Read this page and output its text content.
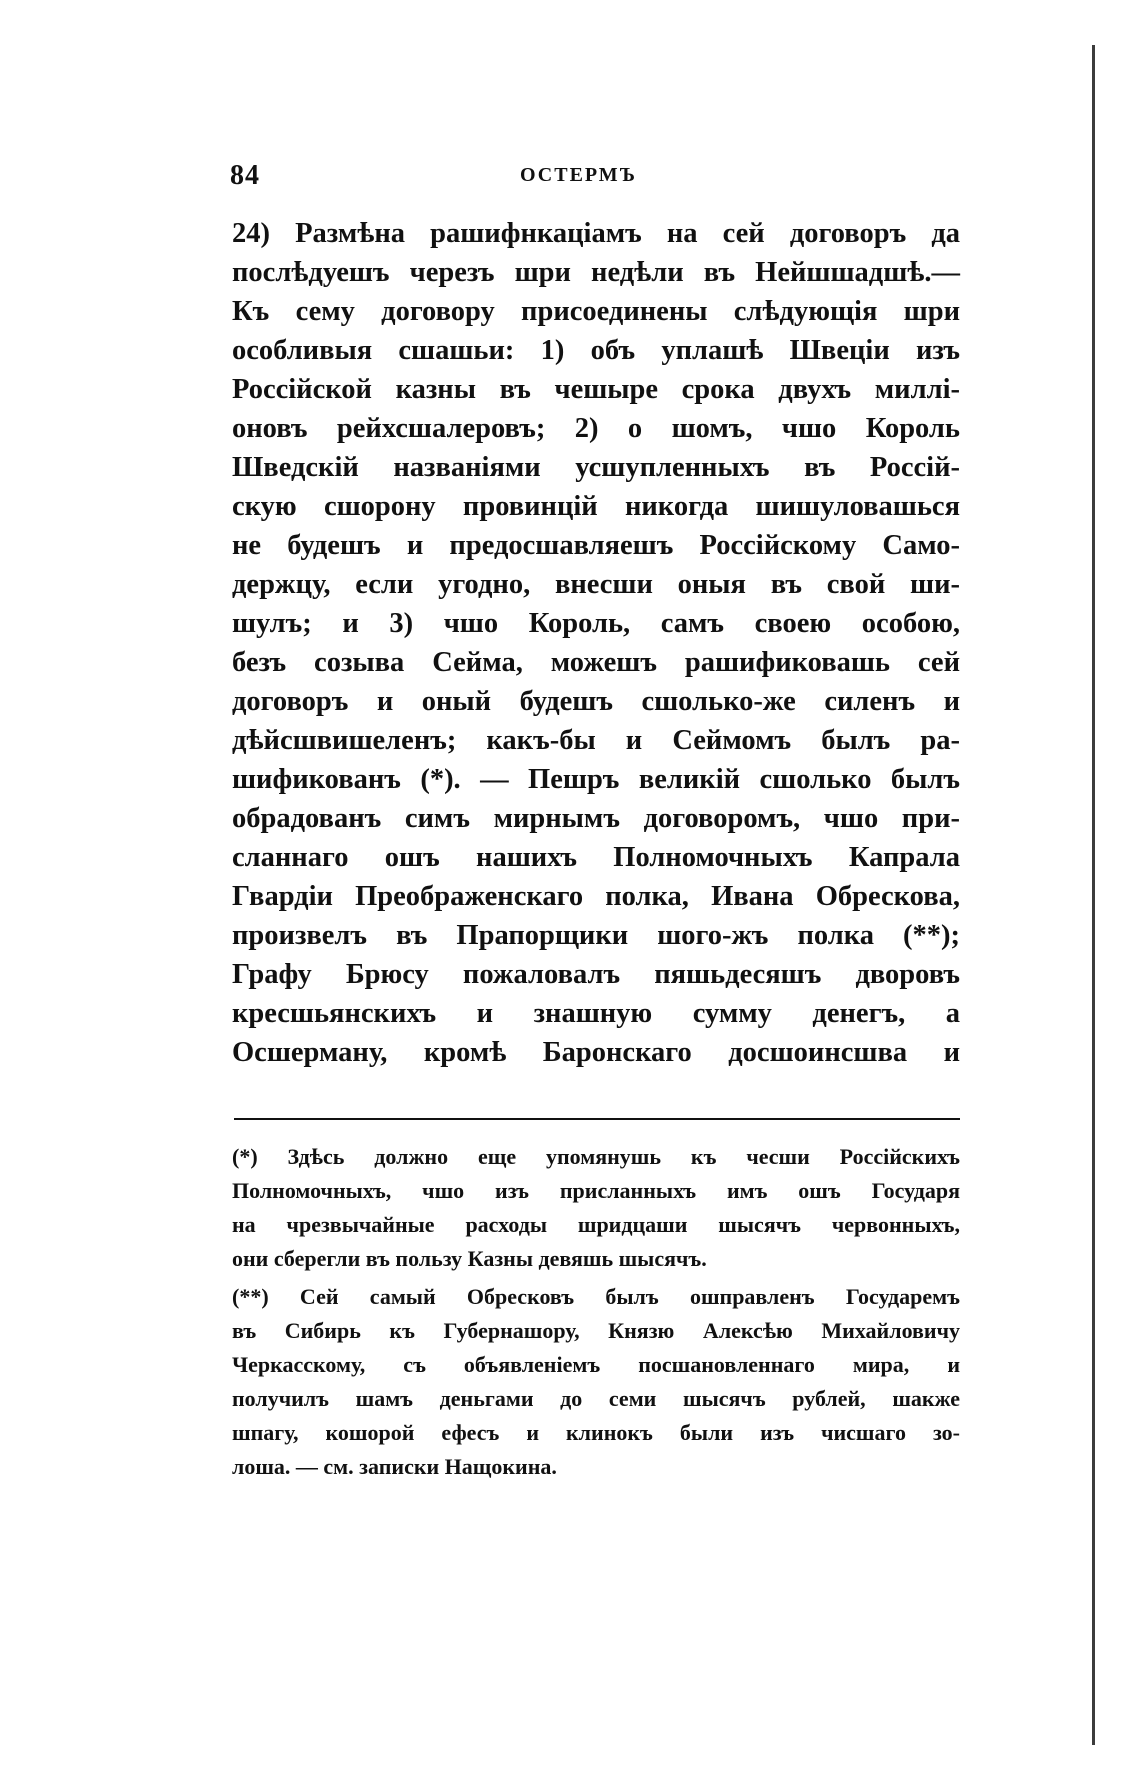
84	ОСТЕРМЪ
24) Размѣна рашифнкацiамъ на сей договоръ да
послѣдуешъ черезъ шри недѣли въ Нейшшадшѣ.—
Къ сему договору присоединены слѣдующiя шри
особливыя сшашьи: 1) объ уплашѣ Швецiи изъ
Россiйской казны въ чешыре срока двухъ миллi-
оновъ рейхсшалеровъ; 2) о шомъ, чшо Король
Шведскiй названiями усшупленныхъ въ Россiй-
скую сшорону провинцiй никогда шишуловашься
не будешъ и предосшавляешъ Россiйскому Само-
держцу, если угодно, внесши оныя въ свой ши-
шулъ; и 3) чшо Король, самъ своею особою,
безъ созыва Сейма, можешъ рашификовашь сей
договоръ и оный будешъ сшолько-же силенъ и
дѣйсшвишеленъ; какъ-бы и Сеймомъ былъ ра-
шификованъ (*). — Пешръ великiй сшолько былъ
обрадованъ симъ мирнымъ договоромъ, чшо при-
сланнаго ошъ нашихъ Полномочныхъ Капрала
Гвардiи Преображенскаго полка, Ивана Обрескова,
произвелъ въ Прапорщики шого-жъ полка (**);
Графу Брюсу пожаловалъ пяшьдесяшъ дворовъ
кресшьянскихъ и знашную сумму денегъ, а
Осшерману, кромѣ Баронскаго досшоинсшва и
(*) Здѣсь должно еще упомянушь къ чесши Россiйскихъ
Полномочныхъ, чшо изъ присланныхъ имъ ошъ Государя
на чрезвычайные расходы шридцаши шысячъ червонныхъ,
они сберегли въ пользу Казны девяшь шысячъ.
(**) Сей самый Обресковъ былъ ошправленъ Государемъ
въ Сибирь къ Губернашору, Князю Алексѣю Михайловичу
Черкасскому, съ объявленiемъ посшановленнаго мира, и
получилъ шамъ деньгами до семи шысячъ рублей, шакже
шпагу, кошорой ефесъ и клинокъ были изъ чисшаго зо-
лоша. — см. записки Нащокина.
